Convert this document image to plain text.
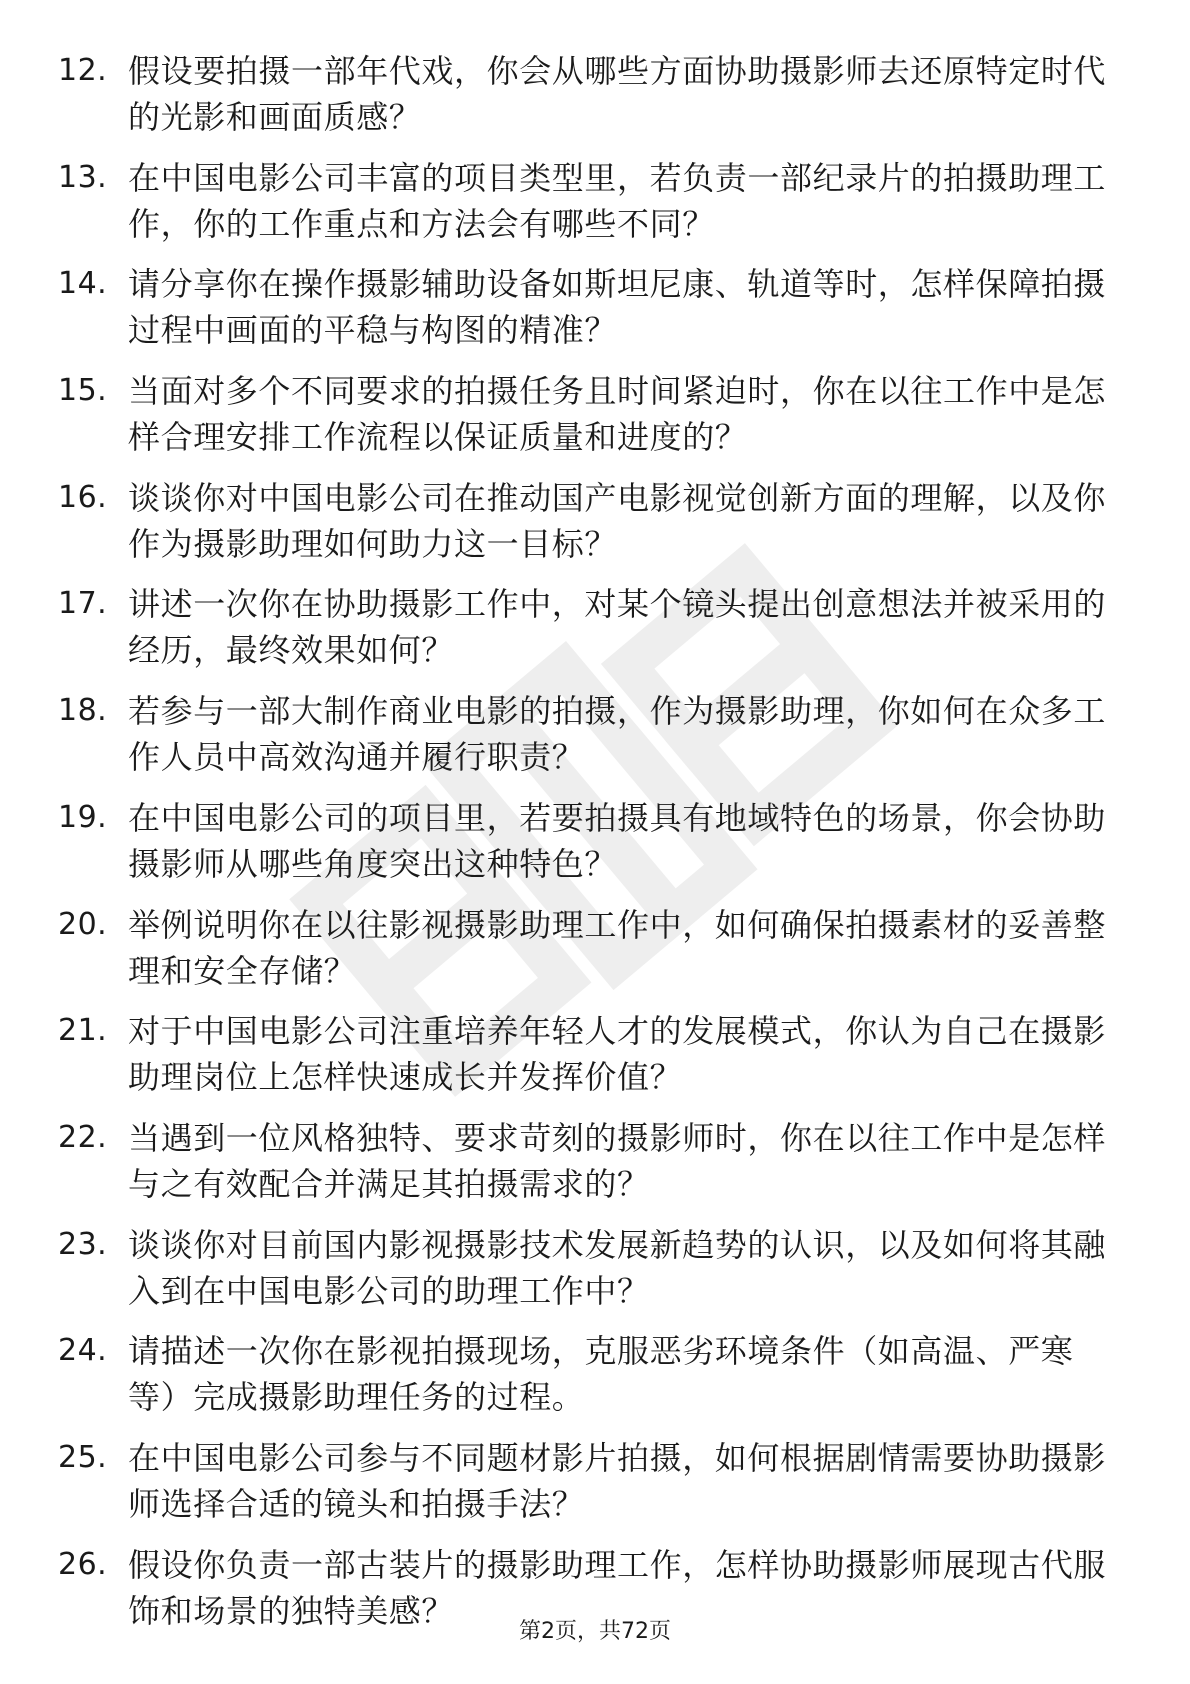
12. 假设要拍摄一部年代戏，你会从哪些方面协助摄影师去还原特定时代的光影和画面质感？
13. 在中国电影公司丰富的项目类型里，若负责一部纪录片的拍摄助理工作，你的工作重点和方法会有哪些不同？
14. 请分享你在操作摄影辅助设备如斯坦尼康、轨道等时，怎样保障拍摄过程中画面的平稳与构图的精准？
15. 当面对多个不同要求的拍摄任务且时间紧迫时，你在以往工作中是怎样合理安排工作流程以保证质量和进度的？
16. 谈谈你对中国电影公司在推动国产电影视觉创新方面的理解，以及你作为摄影助理如何助力这一目标？
17. 讲述一次你在协助摄影工作中，对某个镜头提出创意想法并被采用的经历，最终效果如何？
18. 若参与一部大制作商业电影的拍摄，作为摄影助理，你如何在众多工作人员中高效沟通并履行职责？
19. 在中国电影公司的项目里，若要拍摄具有地域特色的场景，你会协助摄影师从哪些角度突出这种特色？
20. 举例说明你在以往影视摄影助理工作中，如何确保拍摄素材的妥善整理和安全存储？
21. 对于中国电影公司注重培养年轻人才的发展模式，你认为自己在摄影助理岗位上怎样快速成长并发挥价值？
22. 当遇到一位风格独特、要求苛刻的摄影师时，你在以往工作中是怎样与之有效配合并满足其拍摄需求的？
23. 谈谈你对目前国内影视摄影技术发展新趋势的认识，以及如何将其融入到在中国电影公司的助理工作中？
24. 请描述一次你在影视拍摄现场，克服恶劣环境条件（如高温、严寒等）完成摄影助理任务的过程。
25. 在中国电影公司参与不同题材影片拍摄，如何根据剧情需要协助摄影师选择合适的镜头和拍摄手法？
26. 假设你负责一部古装片的摄影助理工作，怎样协助摄影师展现古代服饰和场景的独特美感？
第2页，共72页
